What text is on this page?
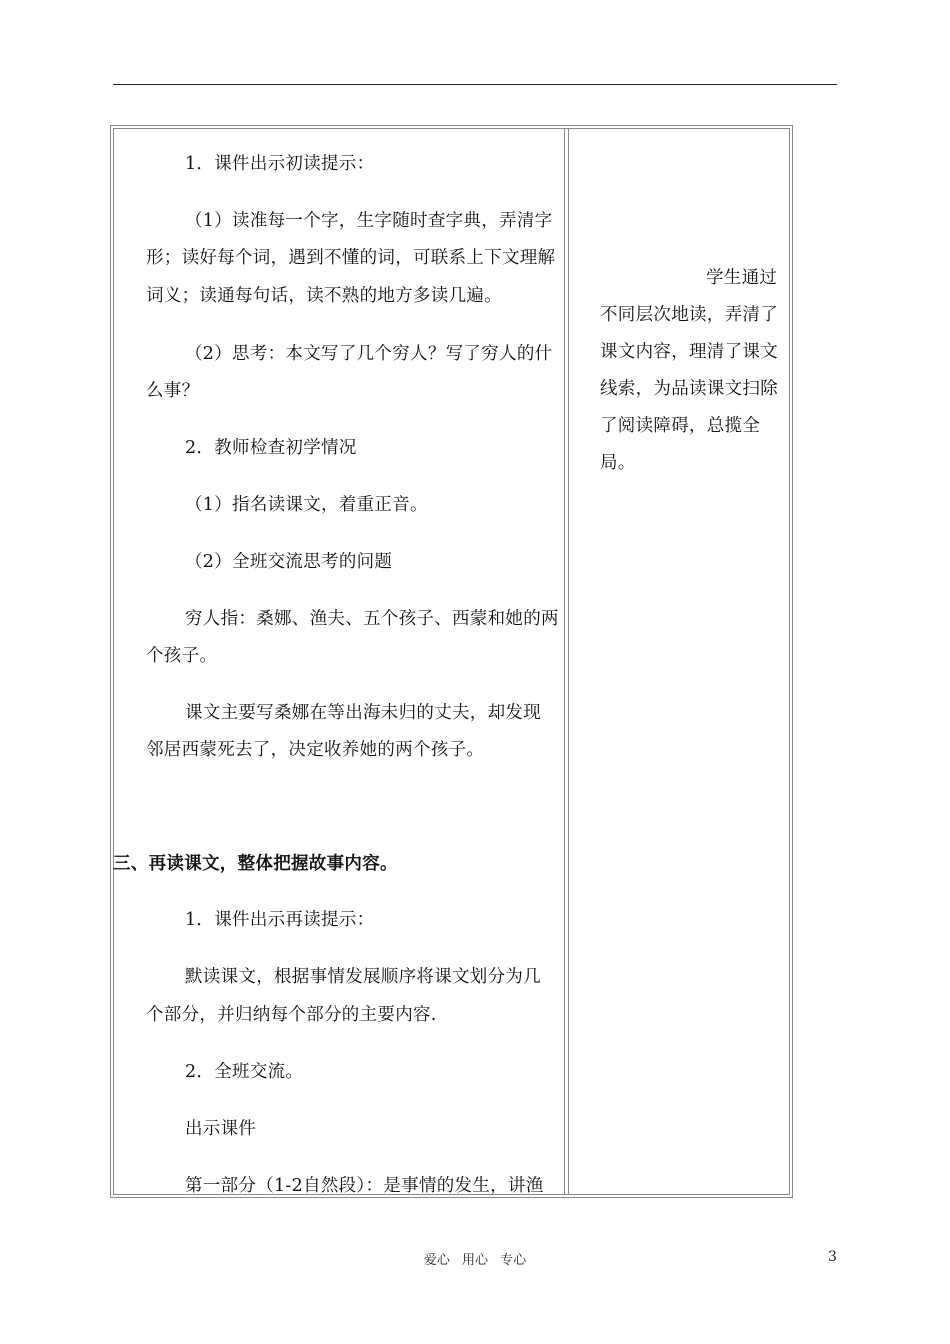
1．课件出示初读提示：

（1）读准每一个字，生字随时查字典，弄清字

形；读好每个词，遇到不懂的词，可联系上下文理解

词义；读通每句话，读不熟的地方多读几遍。

（2）思考：本文写了几个穷人？写了穷人的什

么事？

2．教师检查初学情况

（1）指名读课文，着重正音。

（2）全班交流思考的问题

穷人指：桑娜、渔夫、五个孩子、西蒙和她的两

个孩子。

课文主要写桑娜在等出海未归的丈夫，却发现

邻居西蒙死去了，决定收养她的两个孩子。

三、再读课文，整体把握故事内容。

1．课件出示再读提示：

默读课文，根据事情发展顺序将课文划分为几

个部分，并归纳每个部分的主要内容.

2．全班交流。

出示课件

第一部分（1-2自然段）：是事情的发生，讲渔

学生通过

不同层次地读，弄清了

课文内容，理清了课文

线索，为品读课文扫除

了阅读障碍，总揽全

局。

爱心 用心 专心	3
